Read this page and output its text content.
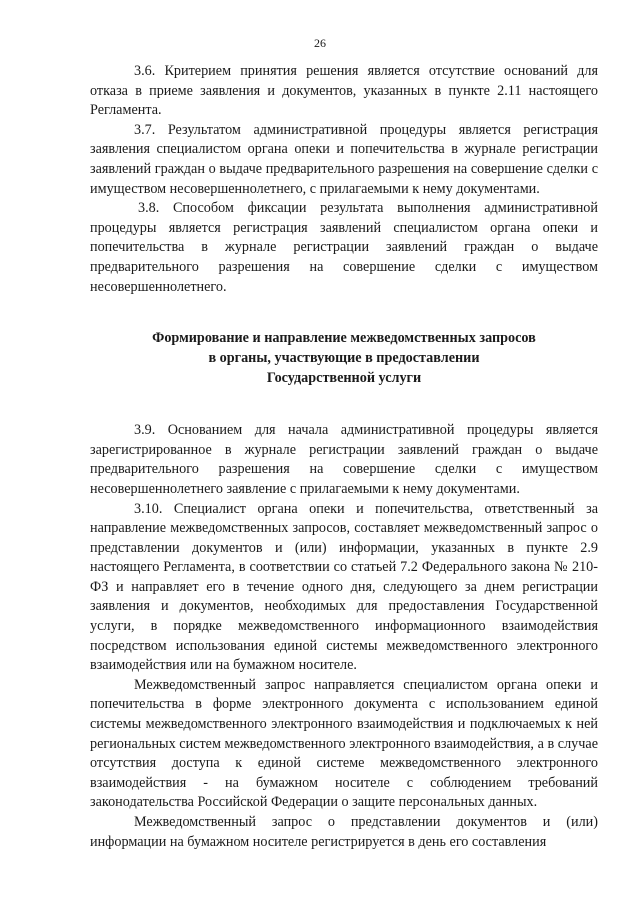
26

3.6. Критерием принятия решения является отсутствие оснований для отказа в приеме заявления и документов, указанных в пункте 2.11 настоящего Регламента.

3.7. Результатом административной процедуры является регистрация заявления специалистом органа опеки и попечительства в журнале регистрации заявлений граждан о выдаче предварительного разрешения на совершение сделки с имуществом несовершеннолетнего, с прилагаемыми к нему документами.

3.8. Способом фиксации результата выполнения административной процедуры является регистрация заявлений специалистом органа опеки и попечительства в журнале регистрации заявлений граждан о выдаче предварительного разрешения на совершение сделки с имуществом несовершеннолетнего.

Формирование и направление межведомственных запросов
в органы, участвующие в предоставлении
Государственной услуги

3.9. Основанием для начала административной процедуры является зарегистрированное в журнале регистрации заявлений граждан о выдаче предварительного разрешения на совершение сделки с имуществом несовершеннолетнего заявление с прилагаемыми к нему документами.

3.10. Специалист органа опеки и попечительства, ответственный за направление межведомственных запросов, составляет межведомственный запрос о представлении документов и (или) информации, указанных в пункте 2.9 настоящего Регламента, в соответствии со статьей 7.2 Федерального закона № 210-ФЗ и направляет его в течение одного дня, следующего за днем регистрации заявления и документов, необходимых для предоставления Государственной услуги, в порядке межведомственного информационного взаимодействия посредством использования единой системы межведомственного электронного взаимодействия или на бумажном носителе.

Межведомственный запрос направляется специалистом органа опеки и попечительства в форме электронного документа с использованием единой системы межведомственного электронного взаимодействия и подключаемых к ней региональных систем межведомственного электронного взаимодействия, а в случае отсутствия доступа к единой системе межведомственного электронного взаимодействия - на бумажном носителе с соблюдением требований законодательства Российской Федерации о защите персональных данных.

Межведомственный запрос о представлении документов и (или) информации на бумажном носителе регистрируется в день его составления
